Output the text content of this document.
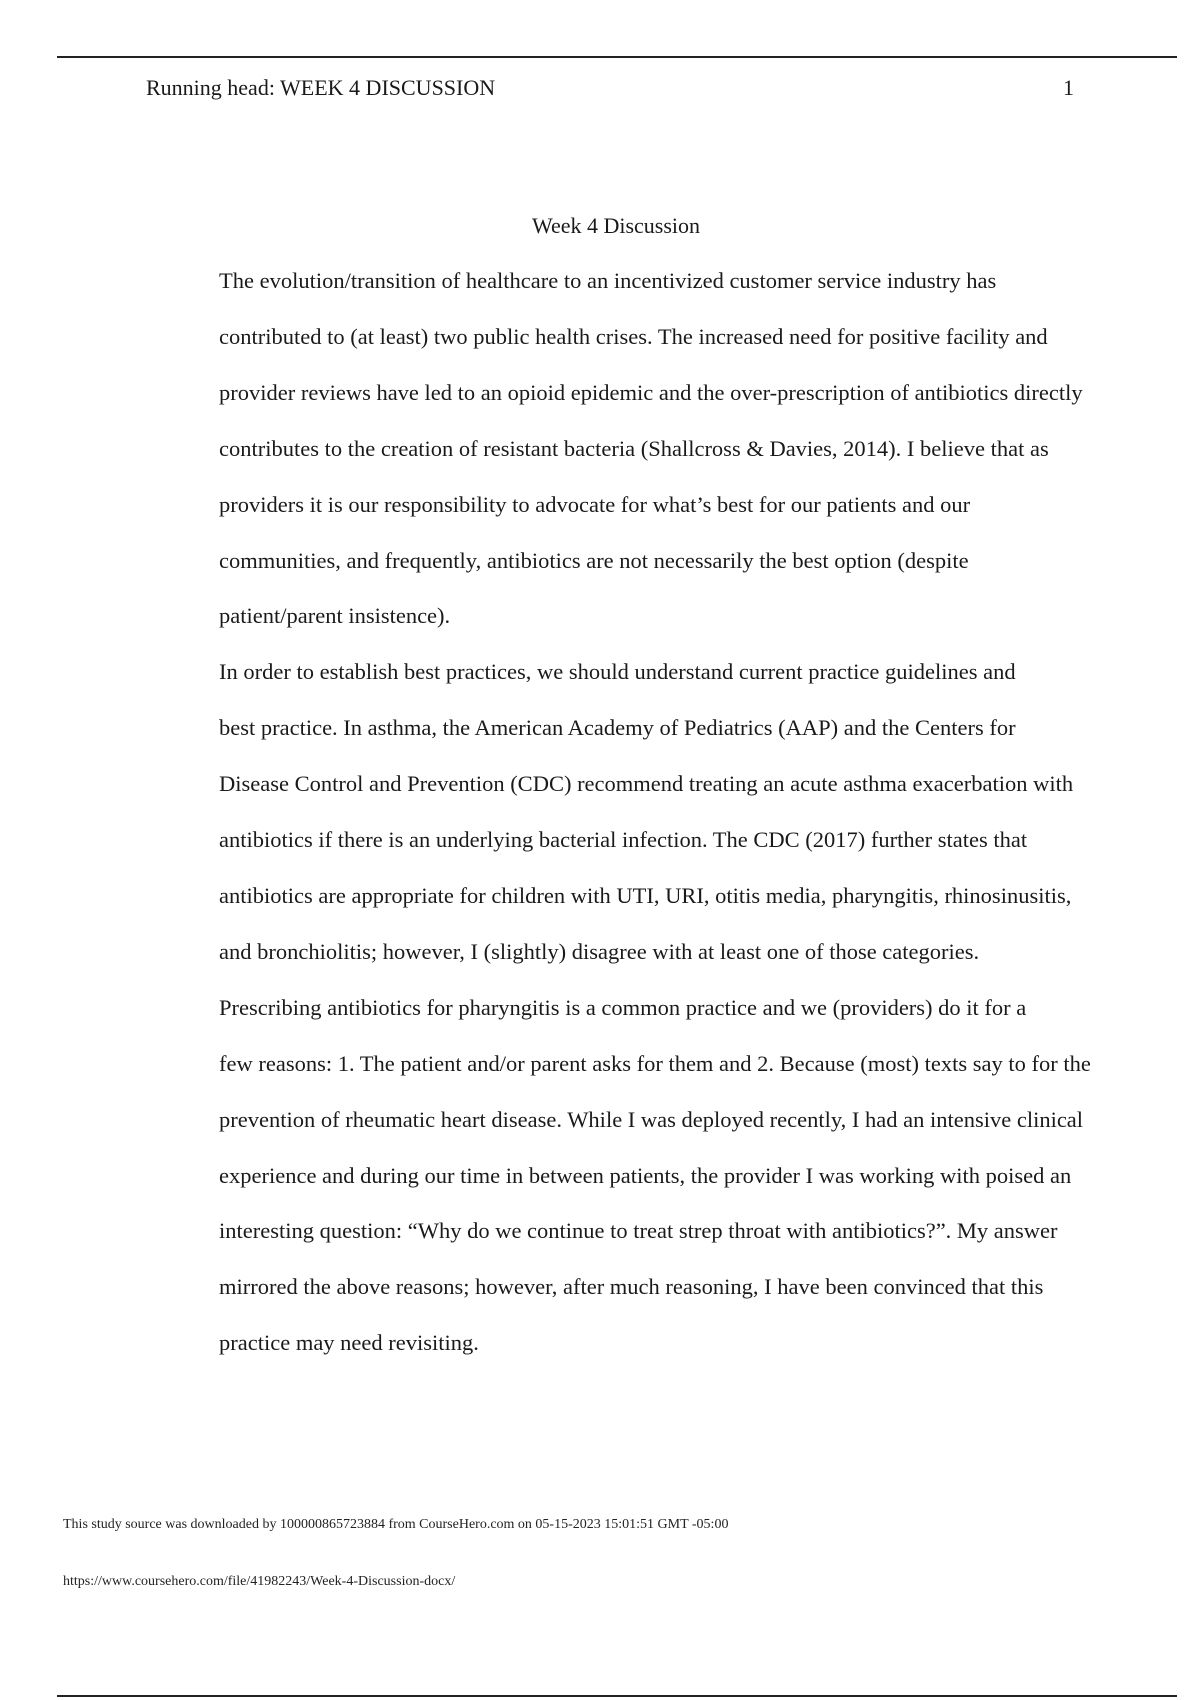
Running head: WEEK 4 DISCUSSION	1
Week 4 Discussion

The evolution/transition of healthcare to an incentivized customer service industry has
contributed to (at least) two public health crises. The increased need for positive facility and
provider reviews have led to an opioid epidemic and the over-prescription of antibiotics directly
contributes to the creation of resistant bacteria (Shallcross & Davies, 2014). I believe that as
providers it is our responsibility to advocate for what’s best for our patients and our
communities, and frequently, antibiotics are not necessarily the best option (despite
patient/parent insistence).

In order to establish best practices, we should understand current practice guidelines and
best practice. In asthma, the American Academy of Pediatrics (AAP) and the Centers for
Disease Control and Prevention (CDC) recommend treating an acute asthma exacerbation with
antibiotics if there is an underlying bacterial infection. The CDC (2017) further states that
antibiotics are appropriate for children with UTI, URI, otitis media, pharyngitis, rhinosinusitis,
and bronchiolitis; however, I (slightly) disagree with at least one of those categories.

Prescribing antibiotics for pharyngitis is a common practice and we (providers) do it for a
few reasons: 1. The patient and/or parent asks for them and 2. Because (most) texts say to for the
prevention of rheumatic heart disease. While I was deployed recently, I had an intensive clinical
experience and during our time in between patients, the provider I was working with poised an
interesting question: “Why do we continue to treat strep throat with antibiotics?”. My answer
mirrored the above reasons; however, after much reasoning, I have been convinced that this
practice may need revisiting.

This study source was downloaded by 100000865723884 from CourseHero.com on 05-15-2023 15:01:51 GMT -05:00
https://www.coursehero.com/file/41982243/Week-4-Discussion-docx/
